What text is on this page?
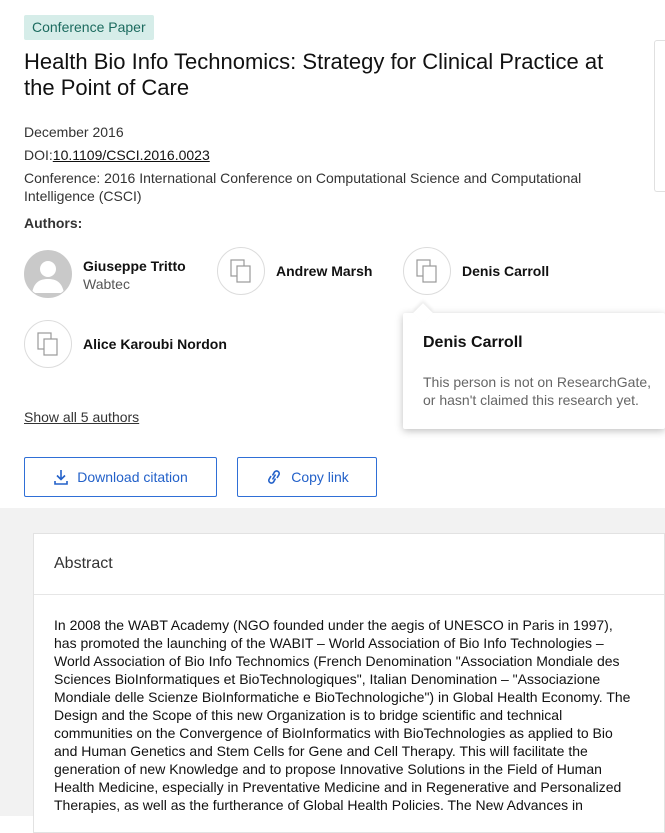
Conference Paper
Health Bio Info Technomics: Strategy for Clinical Practice at the Point of Care
December 2016
DOI:10.1109/CSCI.2016.0023
Conference: 2016 International Conference on Computational Science and Computational Intelligence (CSCI)
Authors:
Giuseppe Tritto
Wabtec
Andrew Marsh	Denis Carroll
Alice Karoubi Nordon	Denis Carroll
This person is not on ResearchGate, or hasn't claimed this research yet.
Show all 5 authors
Download citation	Copy link
Abstract
In 2008 the WABT Academy (NGO founded under the aegis of UNESCO in Paris in 1997), has promoted the launching of the WABIT – World Association of Bio Info Technologies – World Association of Bio Info Technomics (French Denomination "Association Mondiale des Sciences BioInformatiques et BioTechnologiques", Italian Denomination – "Associazione Mondiale delle Scienze BioInformatiche e BioTechnologiche") in Global Health Economy. The Design and the Scope of this new Organization is to bridge scientific and technical communities on the Convergence of BioInformatics with BioTechnologies as applied to Bio and Human Genetics and Stem Cells for Gene and Cell Therapy. This will facilitate the generation of new Knowledge and to propose Innovative Solutions in the Field of Human Health Medicine, especially in Preventative Medicine and in Regenerative and Personalized Therapies, as well as the furtherance of Global Health Policies. The New Advances in
